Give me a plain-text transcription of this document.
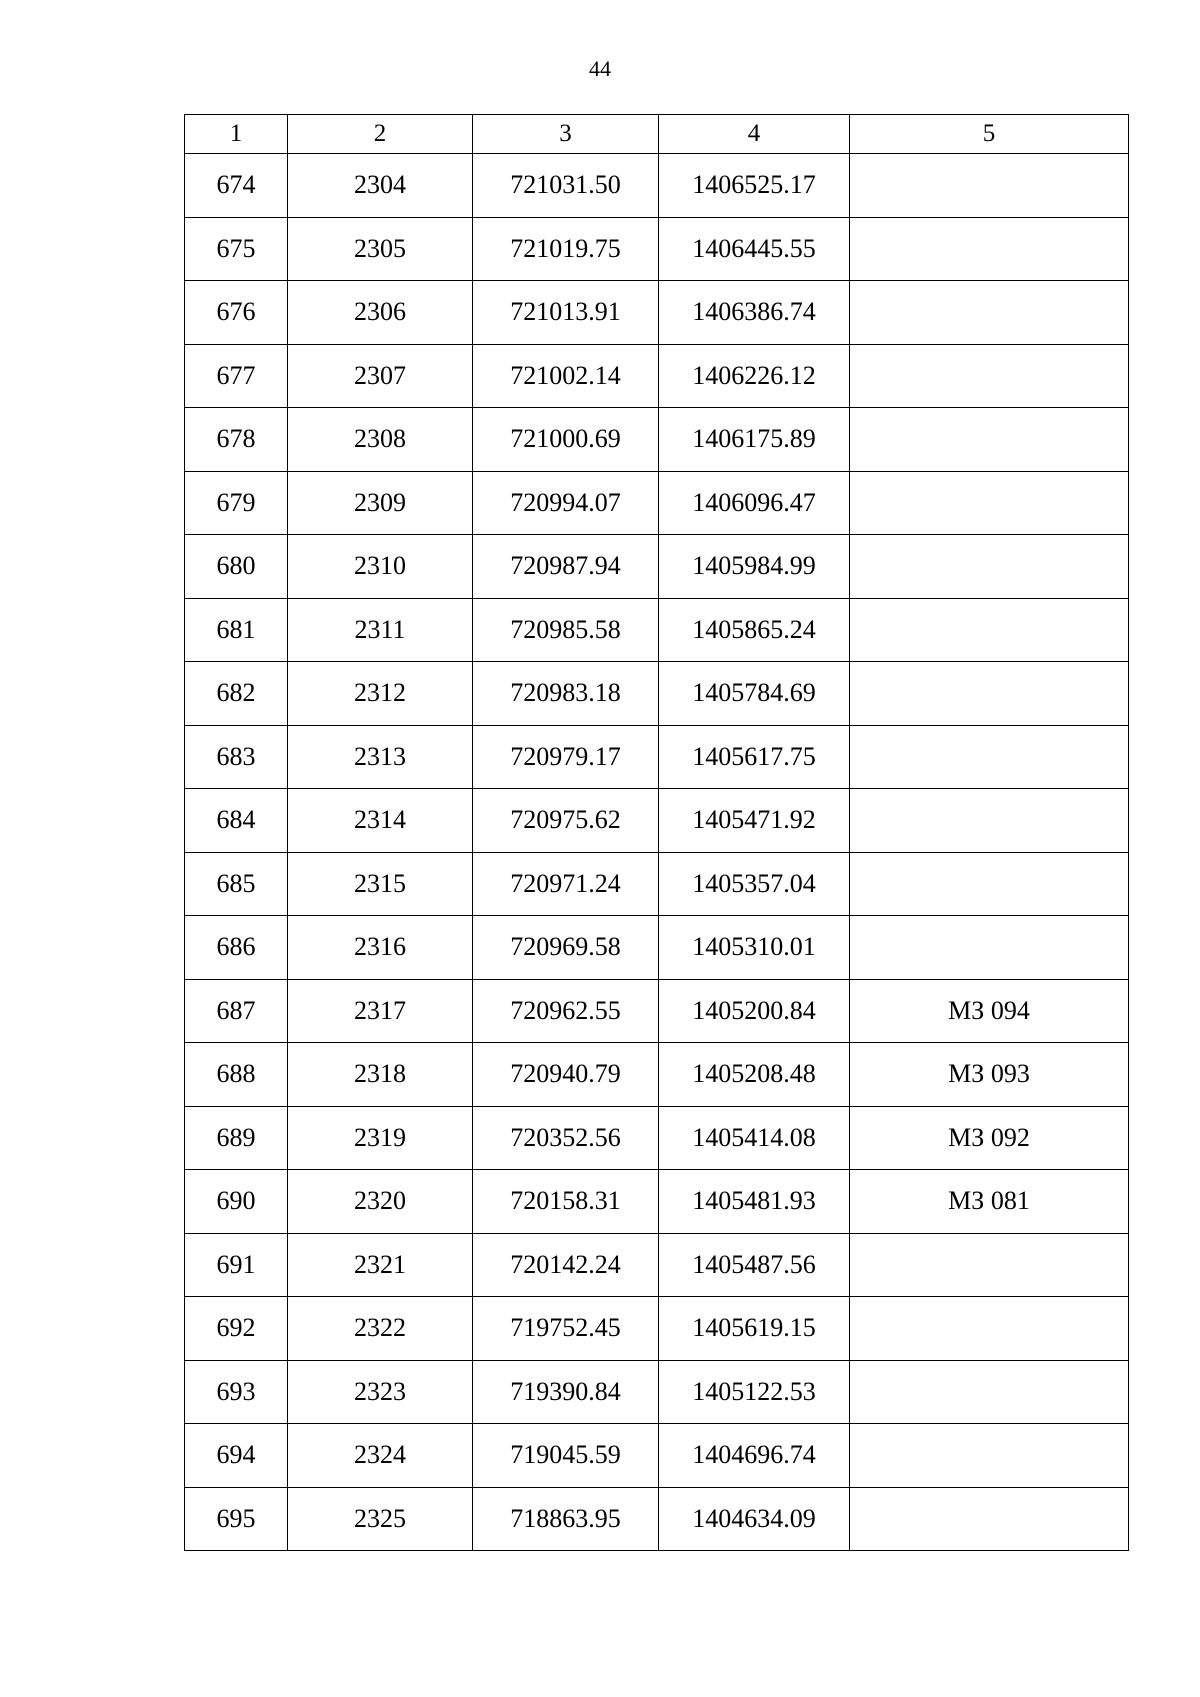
44
1	2	3	4	5
674	2304	721031.50	1406525.17	
675	2305	721019.75	1406445.55	
676	2306	721013.91	1406386.74	
677	2307	721002.14	1406226.12	
678	2308	721000.69	1406175.89	
679	2309	720994.07	1406096.47	
680	2310	720987.94	1405984.99	
681	2311	720985.58	1405865.24	
682	2312	720983.18	1405784.69	
683	2313	720979.17	1405617.75	
684	2314	720975.62	1405471.92	
685	2315	720971.24	1405357.04	
686	2316	720969.58	1405310.01	
687	2317	720962.55	1405200.84	МЗ 094
688	2318	720940.79	1405208.48	МЗ 093
689	2319	720352.56	1405414.08	МЗ 092
690	2320	720158.31	1405481.93	МЗ 081
691	2321	720142.24	1405487.56	
692	2322	719752.45	1405619.15	
693	2323	719390.84	1405122.53	
694	2324	719045.59	1404696.74	
695	2325	718863.95	1404634.09	
